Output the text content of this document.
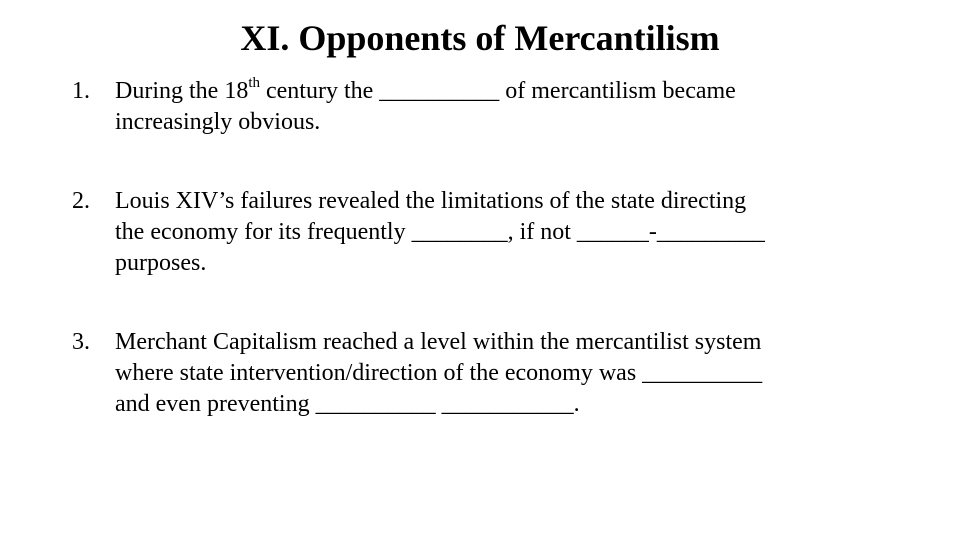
XI. Opponents of Mercantilism
1. During the 18th century the __________ of mercantilism became
increasingly obvious.
2. Louis XIV’s failures revealed the limitations of the state directing
the economy for its frequently ________, if not ______-_________
purposes.
3. Merchant Capitalism reached a level within the mercantilist system
where state intervention/direction of the economy was __________
and even preventing __________ ___________.
